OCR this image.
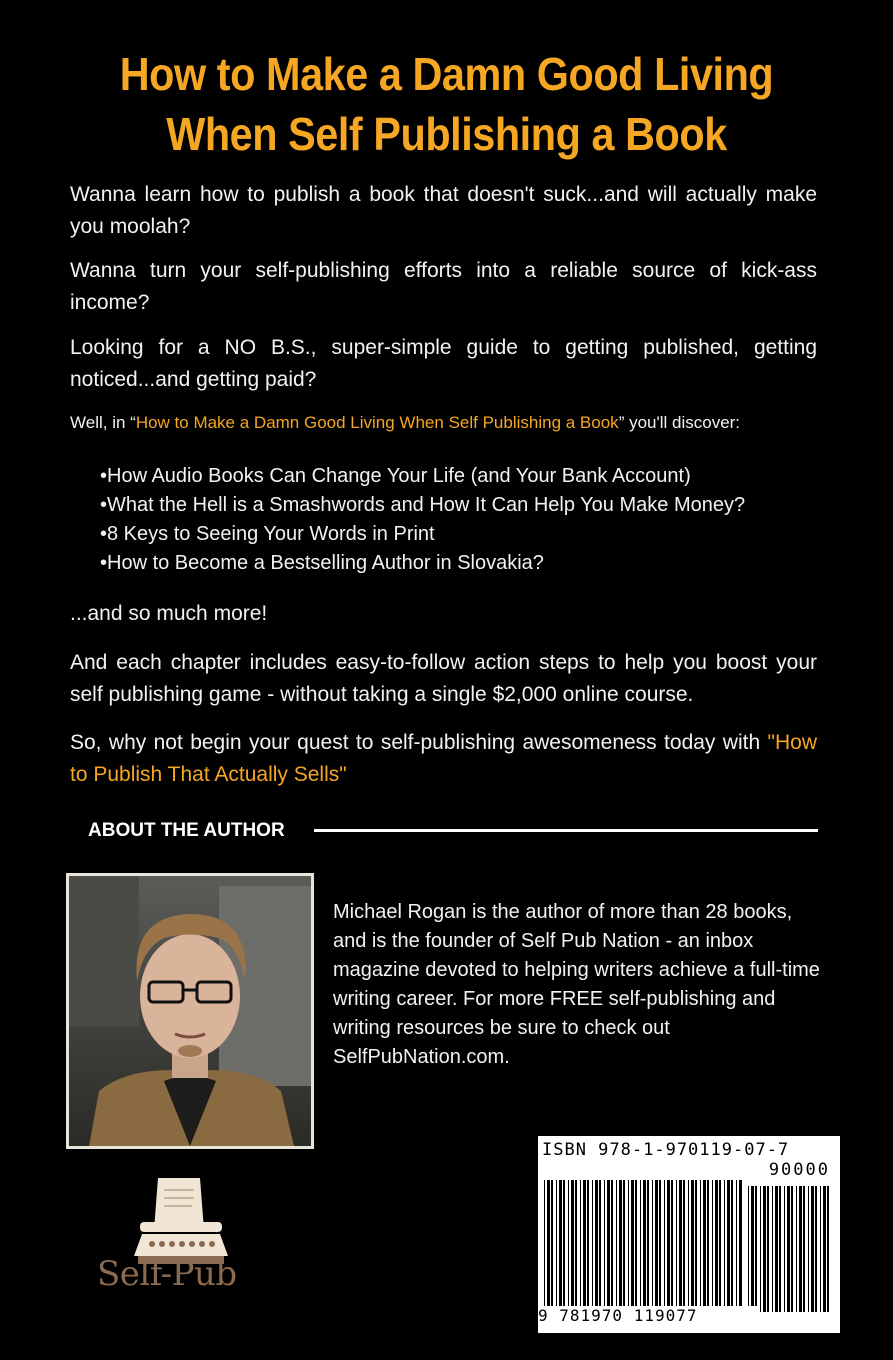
How to Make a Damn Good Living
When Self Publishing a Book

Wanna learn how to publish a book that doesn't suck...and will actually make you moolah?

Wanna turn your self-publishing efforts into a reliable source of kick-ass income?

Looking for a NO B.S., super-simple guide to getting published, getting noticed...and getting paid?

Well, in “How to Make a Damn Good Living When Self Publishing a Book” you'll discover:

•How Audio Books Can Change Your Life (and Your Bank Account)
•What the Hell is a Smashwords and How It Can Help You Make Money?
•8 Keys to Seeing Your Words in Print
•How to Become a Bestselling Author in Slovakia?

...and so much more!

And each chapter includes easy-to-follow action steps to help you boost your self publishing game - without taking a single $2,000 online course.

So, why not begin your quest to self-publishing awesomeness today with "How to Publish That Actually Sells"

ABOUT THE AUTHOR

Michael Rogan is the author of more than 28 books, and is the founder of Self Pub Nation - an inbox magazine devoted to helping writers achieve a full-time writing career. For more FREE self-publishing and writing resources be sure to check out SelfPubNation.com.

ISBN 978-1-970119-07-7
90000
9 781970 119077
Self-Pub
